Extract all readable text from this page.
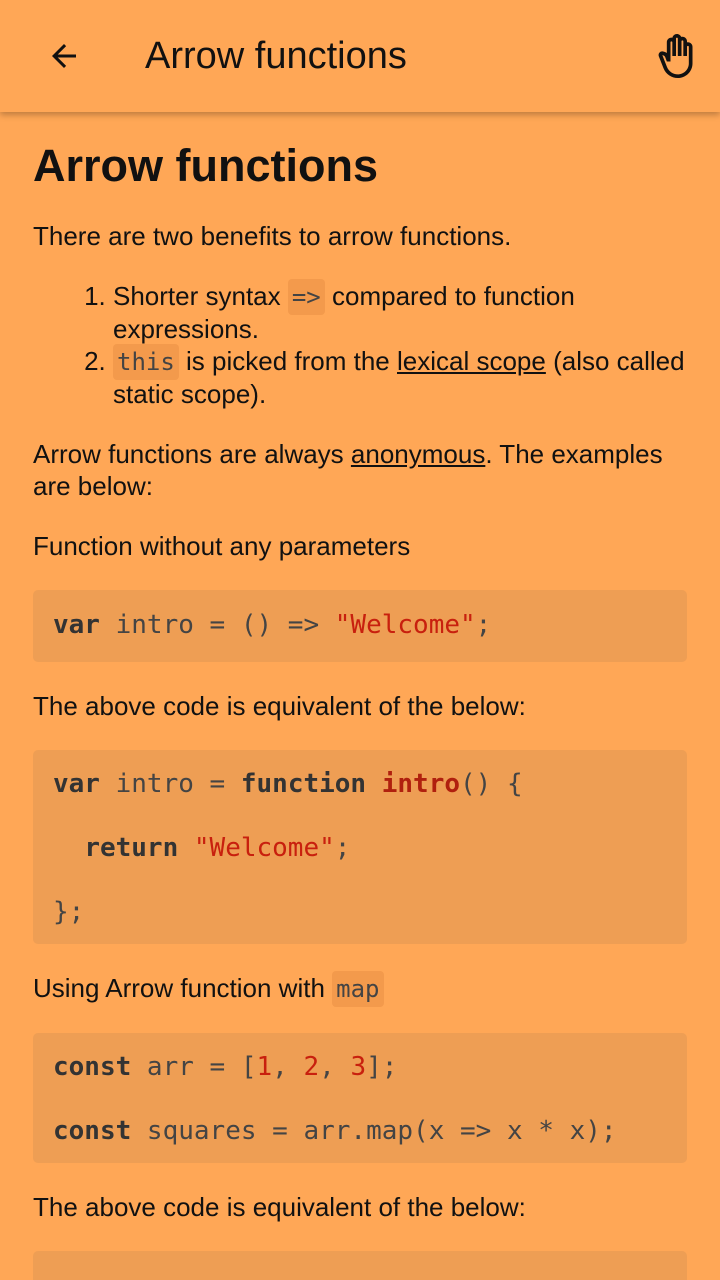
Arrow functions
Arrow functions

There are two benefits to arrow functions.

1. Shorter syntax => compared to function expressions.
2. this is picked from the lexical scope (also called static scope).

Arrow functions are always anonymous. The examples are below:

Function without any parameters

var intro = () => "Welcome";

The above code is equivalent of the below:

var intro = function intro() {
return "Welcome";
};

Using Arrow function with map

const arr = [1, 2, 3];
const squares = arr.map(x => x * x);

The above code is equivalent of the below:
